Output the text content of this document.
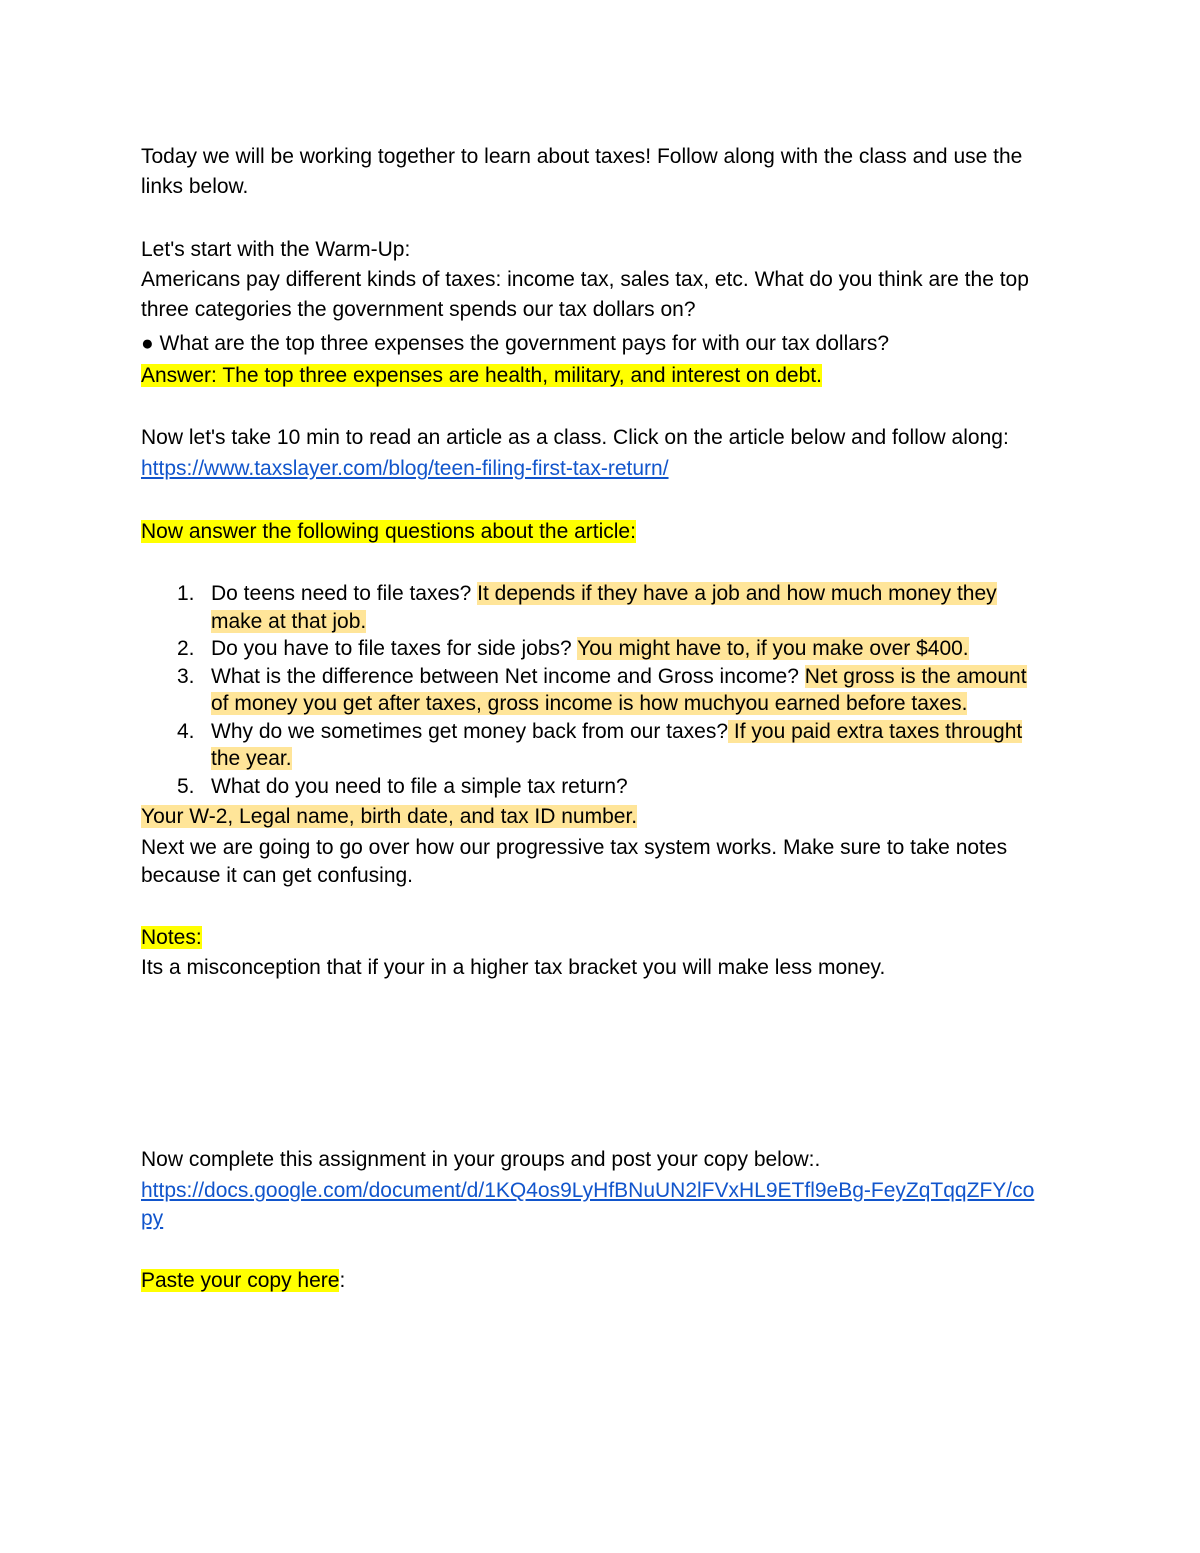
Today we will be working together to learn about taxes! Follow along with the class and use the links below.

Let's start with the Warm-Up:

Americans pay different kinds of taxes: income tax, sales tax, etc. What do you think are the top three categories the government spends our tax dollars on?

● What are the top three expenses the government pays for with our tax dollars?

Answer: The top three expenses are health, military, and interest on debt.

Now let's take 10 min to read an article as a class. Click on the article below and follow along:

https://www.taxslayer.com/blog/teen-filing-first-tax-return/

Now answer the following questions about the article:

1. Do teens need to file taxes? It depends if they have a job and how much money they make at that job.
2. Do you have to file taxes for side jobs? You might have to, if you make over $400.
3. What is the difference between Net income and Gross income? Net gross is the amount of money you get after taxes, gross income is how muchyou earned before taxes.
4. Why do we sometimes get money back from our taxes? If you paid extra taxes throught the year.
5. What do you need to file a simple tax return?

Your W-2, Legal name, birth date, and tax ID number.

Next we are going to go over how our progressive tax system works. Make sure to take notes because it can get confusing.

Notes:

Its a misconception that if your in a higher tax bracket you will make less money.

Now complete this assignment in your groups and post your copy below:.

https://docs.google.com/document/d/1KQ4os9LyHfBNuUN2lFVxHL9ETfl9eBg-FeyZqTqqZFY/copy

Paste your copy here:
